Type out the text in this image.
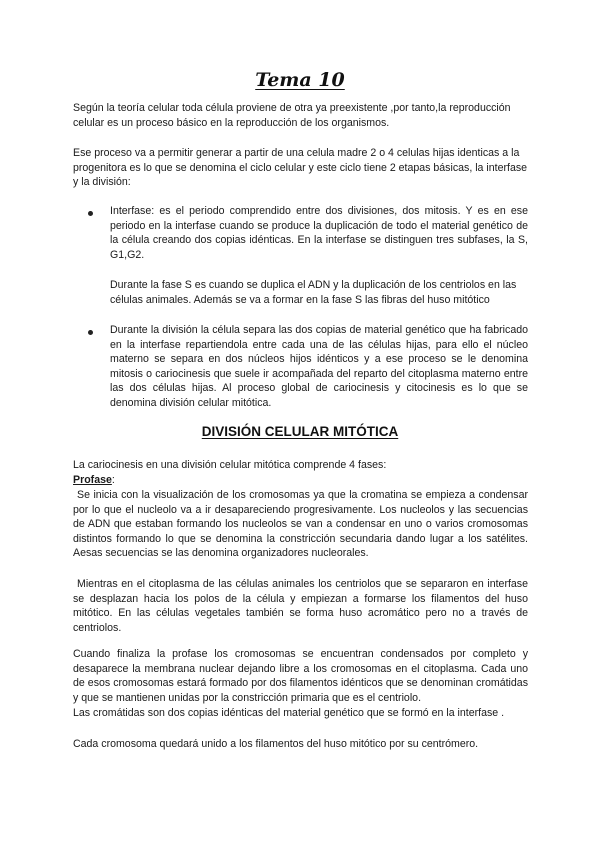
Tema 10

Según la teoría celular toda célula proviene de otra ya preexistente ,por tanto,la reproducción celular es un proceso básico en la reproducción de los organismos.

Ese proceso va a permitir generar a partir de una celula madre 2 o 4 celulas hijas identicas a la progenitora es lo que se denomina el ciclo celular y este ciclo tiene 2 etapas básicas, la interfase y la división:

Interfase: es el periodo comprendido entre dos divisiones, dos mitosis. Y es en ese periodo en la interfase cuando se produce la duplicación de todo el material genético de la célula creando dos copias idénticas. En la interfase se distinguen tres subfases, la S, G1,G2.

Durante la fase S es cuando se duplica el ADN y la duplicación de los centriolos en las células animales. Además se va a formar en la fase S las fibras del huso mitótico

Durante la división la célula separa las dos copias de material genético que ha fabricado en la interfase repartiendola entre cada una de las células hijas, para ello el núcleo materno se separa en dos núcleos hijos idénticos y a ese proceso se le denomina mitosis o cariocinesis que suele ir acompañada del reparto del citoplasma materno entre las dos células hijas. Al proceso global de cariocinesis y citocinesis es lo que se denomina división celular mitótica.

DIVISIÓN CELULAR MITÓTICA

La cariocinesis en una división celular mitótica comprende 4 fases:

Profase:

Se inicia con la visualización de los cromosomas ya que la cromatina se empieza a condensar por lo que el nucleolo va a ir desapareciendo progresivamente. Los nucleolos y las secuencias de ADN que estaban formando los nucleolos se van a condensar en uno o varios cromosomas distintos formando lo que se denomina la constricción secundaria dando lugar a los satélites. Aesas secuencias se las denomina organizadores nucleorales.

Mientras en el citoplasma de las células animales los centriolos que se separaron en interfase se desplazan hacia los polos de la célula y empiezan a formarse los filamentos del huso mitótico. En las células vegetales también se forma huso acromático pero no a través de centriolos.

Cuando finaliza la profase los cromosomas se encuentran condensados por completo y desaparece la membrana nuclear dejando libre a los cromosomas en el citoplasma. Cada uno de esos cromosomas estará formado por dos filamentos idénticos que se denominan cromátidas y que se mantienen unidas por la constricción primaria que es el centriolo.

Las cromátidas son dos copias idénticas del material genético que se formó en la interfase .

Cada cromosoma quedará unido a los filamentos del huso mitótico por su centrómero.
